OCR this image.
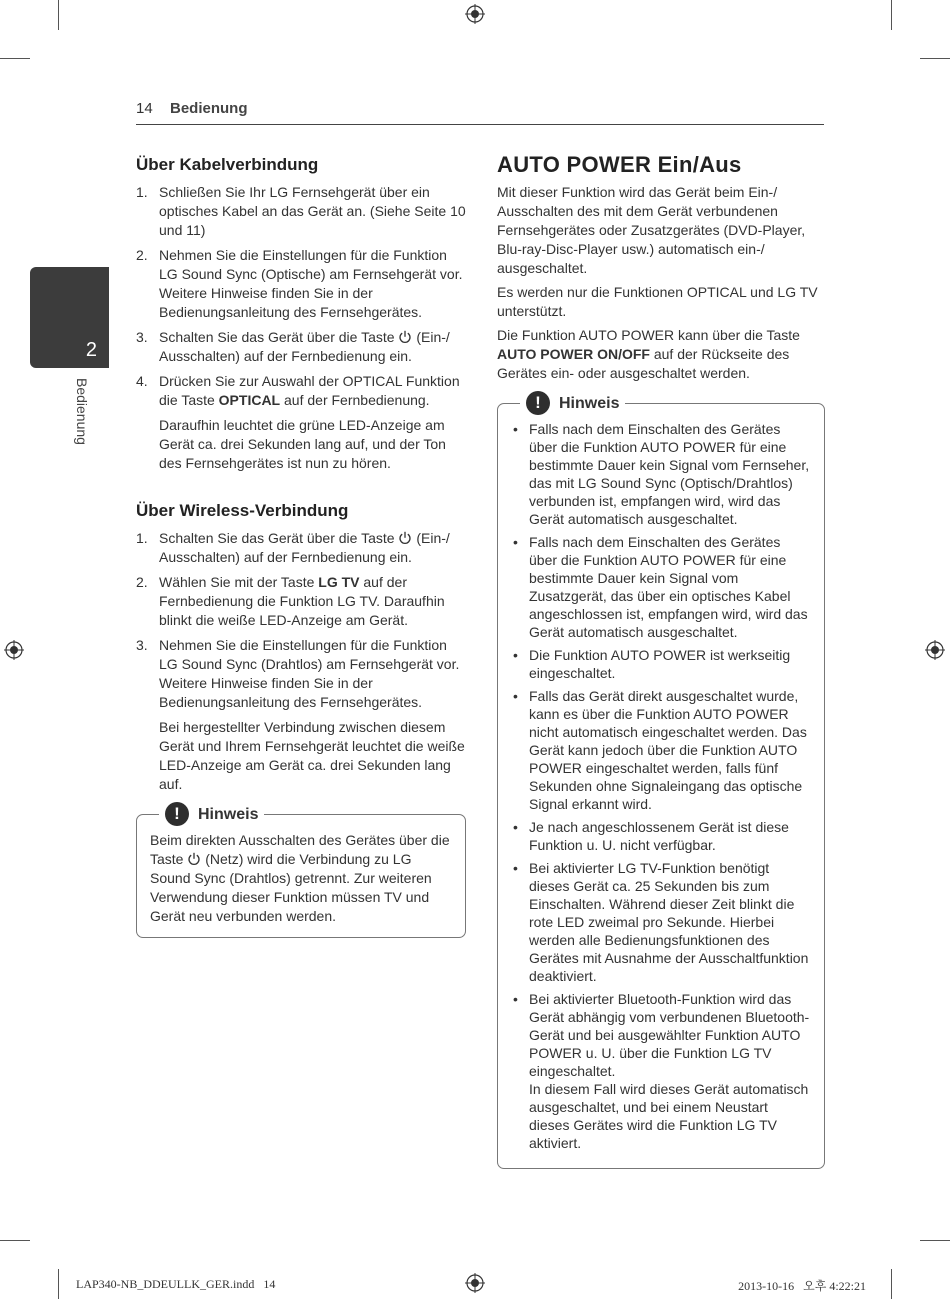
14 Bedienung
2
Bedienung
Über Kabelverbindung
1. Schließen Sie Ihr LG Fernsehgerät über ein optisches Kabel an das Gerät an. (Siehe Seite 10 und 11)
2. Nehmen Sie die Einstellungen für die Funktion LG Sound Sync (Optische) am Fernsehgerät vor. Weitere Hinweise finden Sie in der Bedienungsanleitung des Fernsehgerätes.
3. Schalten Sie das Gerät über die Taste (Ein-/ Ausschalten) auf der Fernbedienung ein.
4. Drücken Sie zur Auswahl der OPTICAL Funktion die Taste OPTICAL auf der Fernbedienung.
Daraufhin leuchtet die grüne LED-Anzeige am Gerät ca. drei Sekunden lang auf, und der Ton des Fernsehgerätes ist nun zu hören.
Über Wireless-Verbindung
1. Schalten Sie das Gerät über die Taste (Ein-/ Ausschalten) auf der Fernbedienung ein.
2. Wählen Sie mit der Taste LG TV auf der Fernbedienung die Funktion LG TV. Daraufhin blinkt die weiße LED-Anzeige am Gerät.
3. Nehmen Sie die Einstellungen für die Funktion LG Sound Sync (Drahtlos) am Fernsehgerät vor. Weitere Hinweise finden Sie in der Bedienungsanleitung des Fernsehgerätes.
Bei hergestellter Verbindung zwischen diesem Gerät und Ihrem Fernsehgerät leuchtet die weiße LED-Anzeige am Gerät ca. drei Sekunden lang auf.
!	Hinweis
Beim direkten Ausschalten des Gerätes über die Taste (Netz) wird die Verbindung zu LG Sound Sync (Drahtlos) getrennt. Zur weiteren Verwendung dieser Funktion müssen TV und Gerät neu verbunden werden.
AUTO POWER Ein/Aus

Mit dieser Funktion wird das Gerät beim Ein-/ Ausschalten des mit dem Gerät verbundenen Fernsehgerätes oder Zusatzgerätes (DVD-Player, Blu-ray-Disc-Player usw.) automatisch ein-/ ausgeschaltet.

Es werden nur die Funktionen OPTICAL und LG TV unterstützt.

Die Funktion AUTO POWER kann über die Taste AUTO POWER ON/OFF auf der Rückseite des Gerätes ein- oder ausgeschaltet werden.

!	Hinweis
• Falls nach dem Einschalten des Gerätes über die Funktion AUTO POWER für eine bestimmte Dauer kein Signal vom Fernseher, das mit LG Sound Sync (Optisch/Drahtlos) verbunden ist, empfangen wird, wird das Gerät automatisch ausgeschaltet.
• Falls nach dem Einschalten des Gerätes über die Funktion AUTO POWER für eine bestimmte Dauer kein Signal vom Zusatzgerät, das über ein optisches Kabel angeschlossen ist, empfangen wird, wird das Gerät automatisch ausgeschaltet.
• Die Funktion AUTO POWER ist werkseitig eingeschaltet.
• Falls das Gerät direkt ausgeschaltet wurde, kann es über die Funktion AUTO POWER nicht automatisch eingeschaltet werden. Das Gerät kann jedoch über die Funktion AUTO POWER eingeschaltet werden, falls fünf Sekunden ohne Signaleingang das optische Signal erkannt wird.
• Je nach angeschlossenem Gerät ist diese Funktion u. U. nicht verfügbar.
• Bei aktivierter LG TV-Funktion benötigt dieses Gerät ca. 25 Sekunden bis zum Einschalten. Während dieser Zeit blinkt die rote LED zweimal pro Sekunde. Hierbei werden alle Bedienungsfunktionen des Gerätes mit Ausnahme der Ausschaltfunktion deaktiviert.
• Bei aktivierter Bluetooth-Funktion wird das Gerät abhängig vom verbundenen Bluetooth-Gerät und bei ausgewählter Funktion AUTO POWER u. U. über die Funktion LG TV eingeschaltet.
In diesem Fall wird dieses Gerät automatisch ausgeschaltet, und bei einem Neustart dieses Gerätes wird die Funktion LG TV aktiviert.
LAP340-NB_DDEULLK_GER.indd   14	2013-10-16   오후 4:22:21
